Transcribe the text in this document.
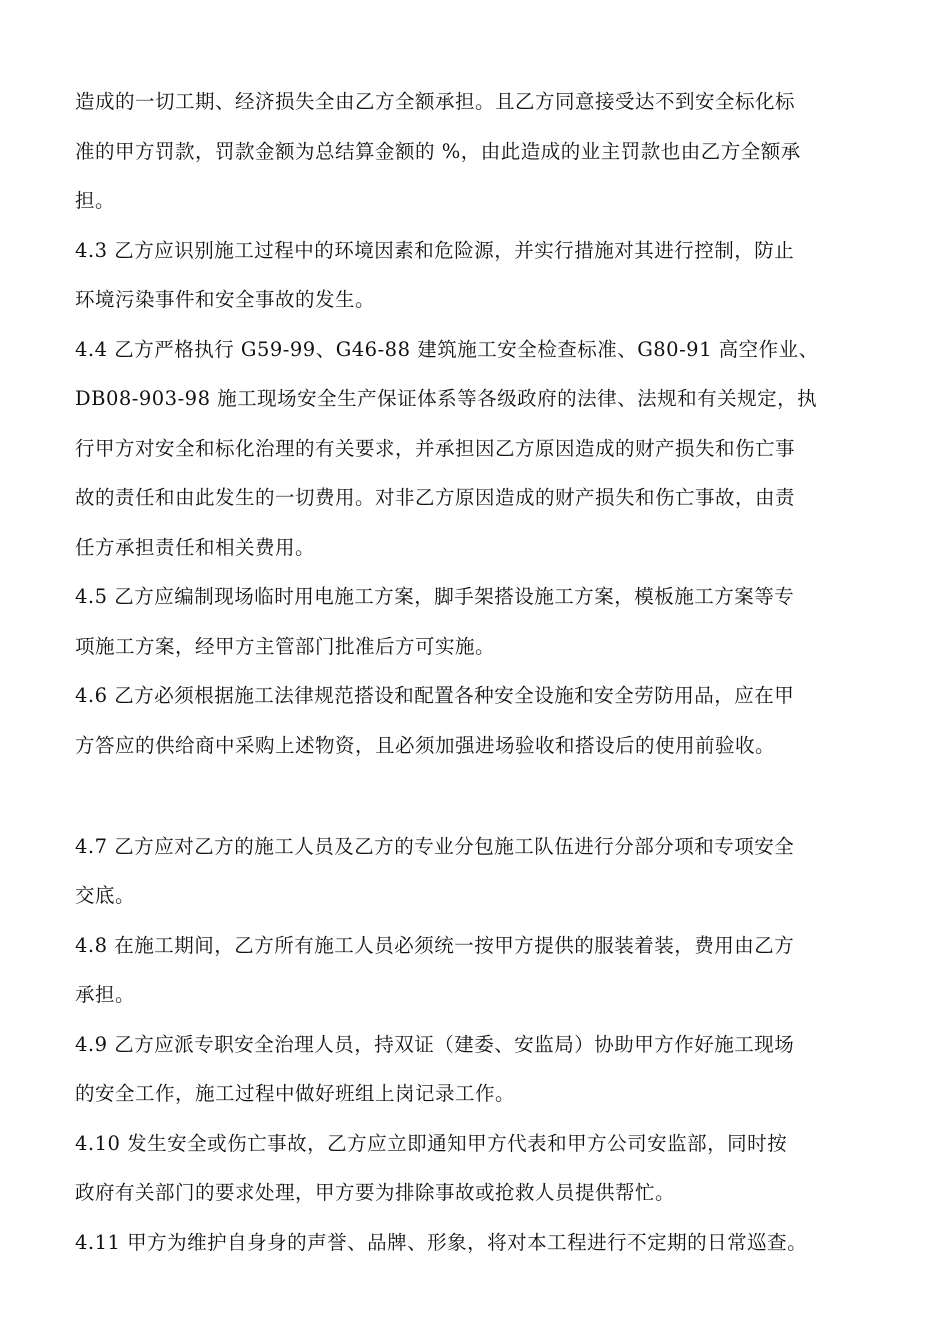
造成的一切工期、经济损失全由乙方全额承担。且乙方同意接受达不到安全标化标
准的甲方罚款，罚款金额为总结算金额的 %，由此造成的业主罚款也由乙方全额承
担。
4.3 乙方应识别施工过程中的环境因素和危险源，并实行措施对其进行控制，防止
环境污染事件和安全事故的发生。
4.4 乙方严格执行 G59-99、G46-88 建筑施工安全检查标准、G80-91 高空作业、
DB08-903-98 施工现场安全生产保证体系等各级政府的法律、法规和有关规定，执
行甲方对安全和标化治理的有关要求，并承担因乙方原因造成的财产损失和伤亡事
故的责任和由此发生的一切费用。对非乙方原因造成的财产损失和伤亡事故，由责
任方承担责任和相关费用。
4.5 乙方应编制现场临时用电施工方案，脚手架搭设施工方案，模板施工方案等专
项施工方案，经甲方主管部门批准后方可实施。
4.6 乙方必须根据施工法律规范搭设和配置各种安全设施和安全劳防用品，应在甲
方答应的供给商中采购上述物资，且必须加强进场验收和搭设后的使用前验收。
4.7 乙方应对乙方的施工人员及乙方的专业分包施工队伍进行分部分项和专项安全
交底。
4.8 在施工期间，乙方所有施工人员必须统一按甲方提供的服装着装，费用由乙方
承担。
4.9 乙方应派专职安全治理人员，持双证（建委、安监局）协助甲方作好施工现场
的安全工作，施工过程中做好班组上岗记录工作。
4.10 发生安全或伤亡事故，乙方应立即通知甲方代表和甲方公司安监部，同时按
政府有关部门的要求处理，甲方要为排除事故或抢救人员提供帮忙。
4.11 甲方为维护自身身的声誉、品牌、形象，将对本工程进行不定期的日常巡查。
